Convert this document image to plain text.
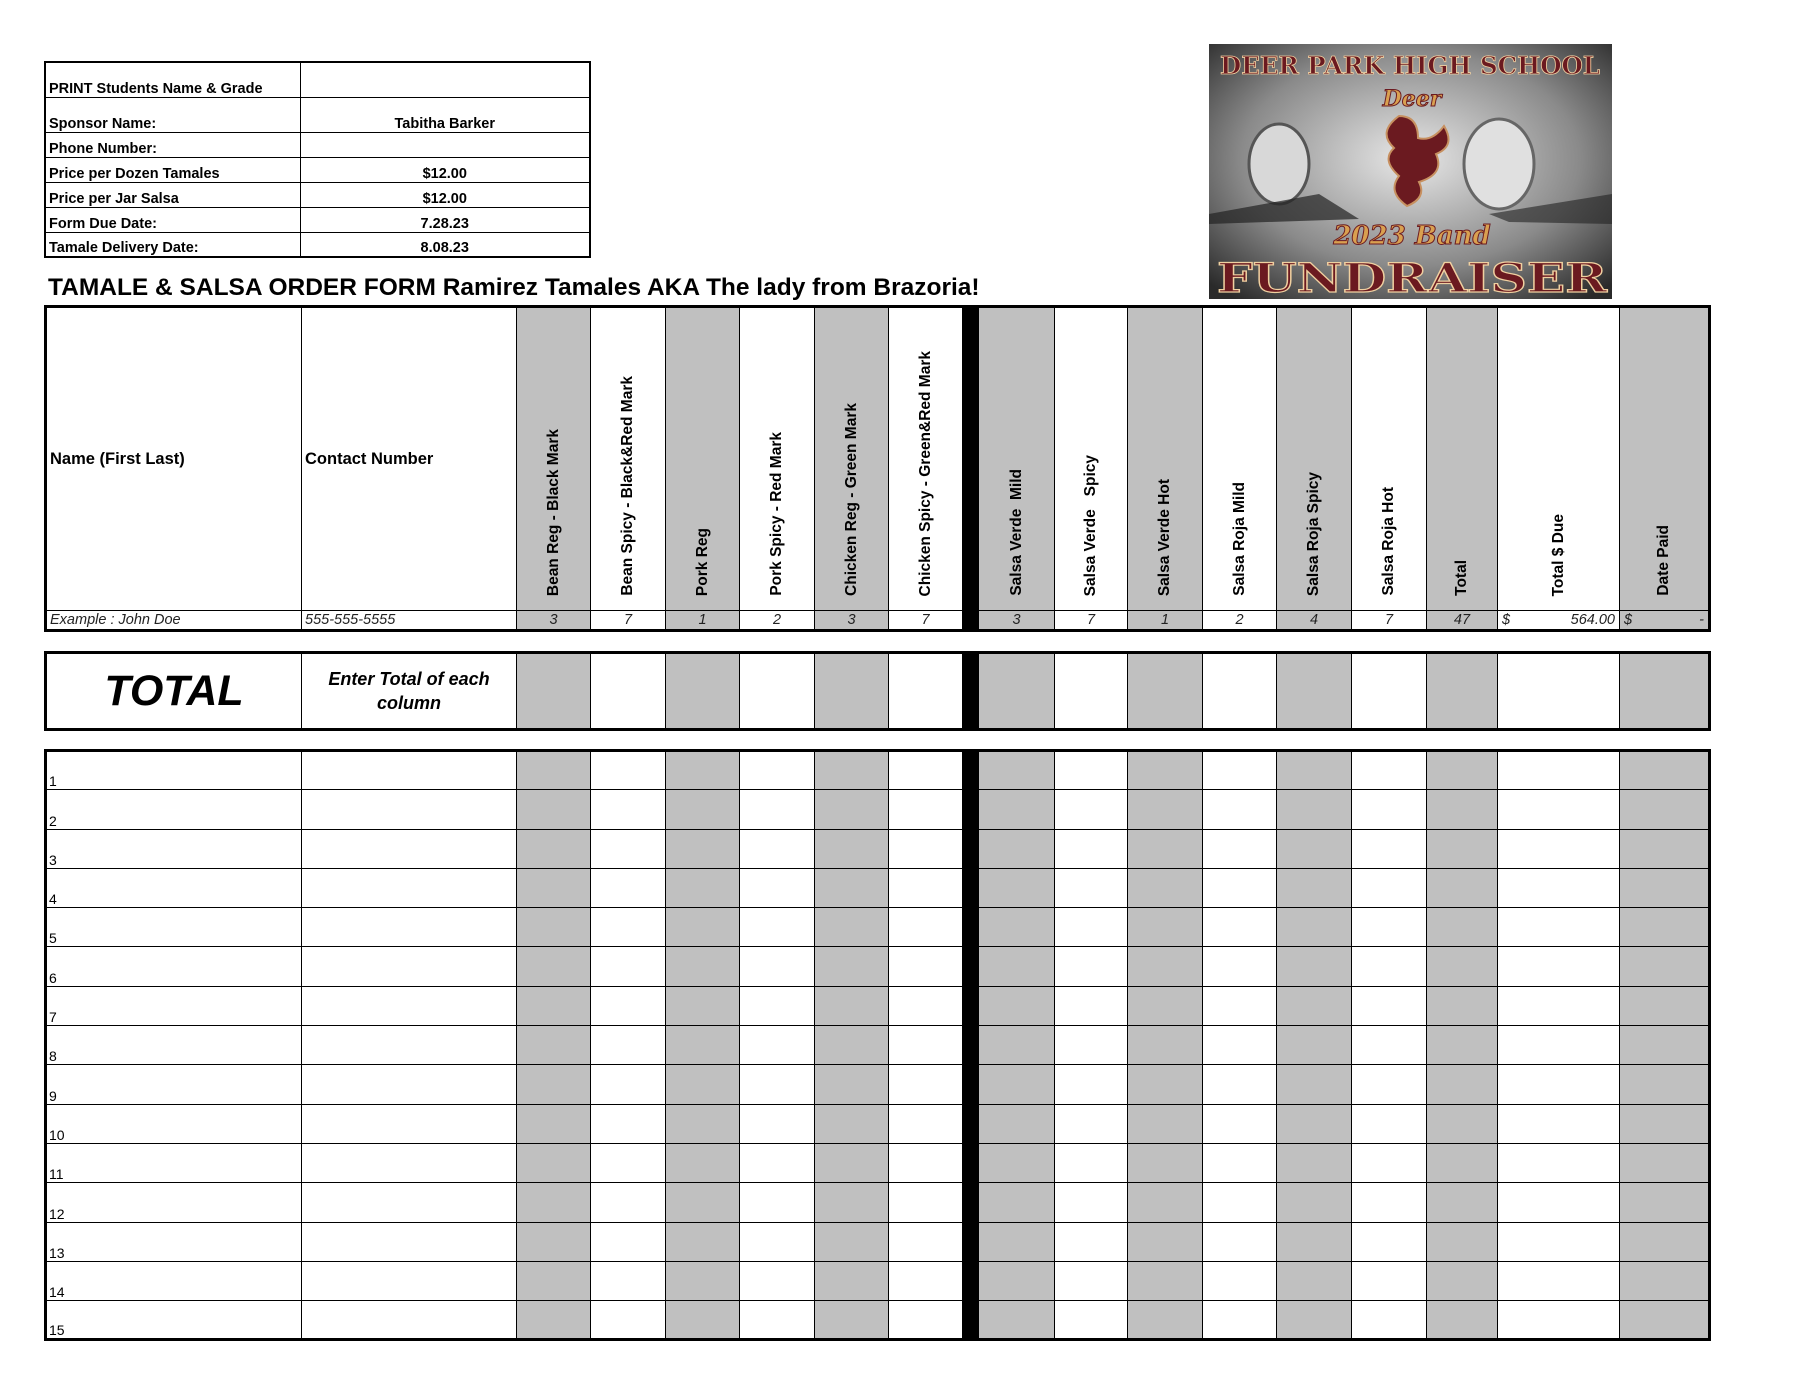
PRINT Students Name & Grade	
Sponsor Name:	Tabitha Barker
Phone Number:	
Price per Dozen Tamales	$12.00
Price per Jar Salsa	$12.00
Form Due Date:	7.28.23
Tamale Delivery Date:	8.08.23
DEER PARK HIGH SCHOOL
Deer
2023 Band
FUNDRAISER
TAMALE & SALSA ORDER FORM Ramirez Tamales AKA The lady from Brazoria!
Name (First Last)	Contact Number	Bean Reg - Black Mark	Bean Spicy - Black&Red Mark	Pork Reg	Pork Spicy - Red Mark	Chicken Reg - Green Mark	Chicken Spicy - Green&Red Mark		Salsa Verde  Mild	Salsa Verde   Spicy	Salsa Verde Hot	Salsa Roja Mild	Salsa Roja Spicy	Salsa Roja Hot	Total	Total $ Due	Date Paid

Example : John Doe	555-555-5555	3	7	1	2	3	7		3	7	1	2	4	7	47	$ 564.00	$ -
TOTAL	Enter Total of each column																
1																	
2																	
3																	
4																	
5																	
6																	
7																	
8																	
9																	
10																	
11																	
12																	
13																	
14																	
15																	
